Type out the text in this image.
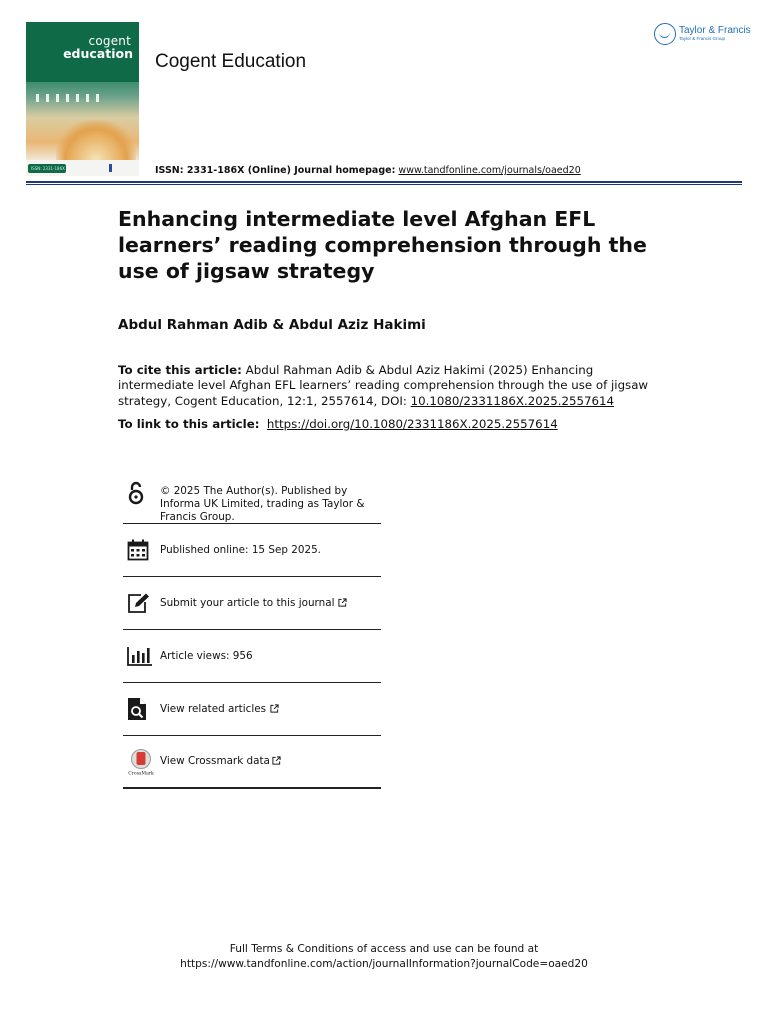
cogent
education
ISSN: 2331-186X
Cogent Education
Taylor & Francis
Taylor & Francis Group
ISSN: 2331-186X (Online) Journal homepage: www.tandfonline.com/journals/oaed20
Enhancing intermediate level Afghan EFL learners’ reading comprehension through the use of jigsaw strategy
Abdul Rahman Adib & Abdul Aziz Hakimi
To cite this article: Abdul Rahman Adib & Abdul Aziz Hakimi (2025) Enhancing intermediate level Afghan EFL learners’ reading comprehension through the use of jigsaw strategy, Cogent Education, 12:1, 2557614, DOI: 10.1080/2331186X.2025.2557614
To link to this article: https://doi.org/10.1080/2331186X.2025.2557614
© 2025 The Author(s). Published by Informa UK Limited, trading as Taylor & Francis Group.
Published online: 15 Sep 2025.
Submit your article to this journal
Article views: 956
View related articles
CrossMark
View Crossmark data
Full Terms & Conditions of access and use can be found at
https://www.tandfonline.com/action/journalInformation?journalCode=oaed20
